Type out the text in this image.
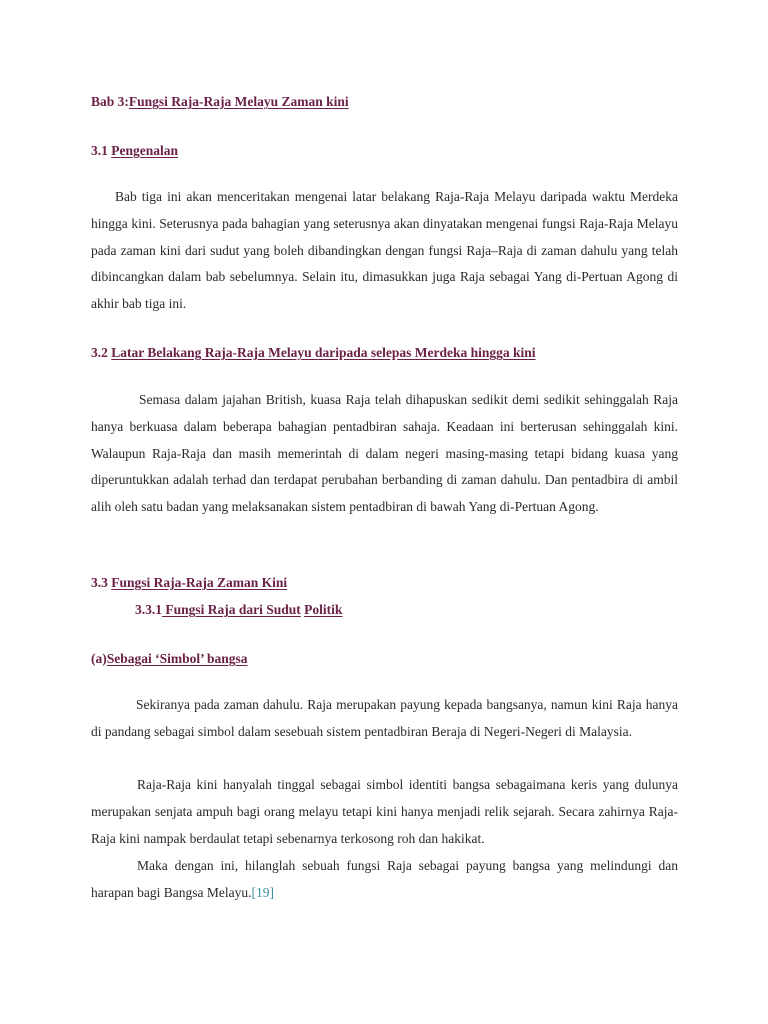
Bab 3:Fungsi Raja-Raja Melayu Zaman kini
3.1 Pengenalan

Bab tiga ini akan menceritakan mengenai latar belakang Raja-Raja Melayu daripada waktu Merdeka hingga kini. Seterusnya pada bahagian yang seterusnya akan dinyatakan mengenai fungsi Raja-Raja Melayu pada zaman kini dari sudut yang boleh dibandingkan dengan fungsi Raja–Raja di zaman dahulu yang telah dibincangkan dalam bab sebelumnya. Selain itu, dimasukkan juga Raja sebagai Yang di-Pertuan Agong di akhir bab tiga ini.

3.2 Latar Belakang Raja-Raja Melayu daripada selepas Merdeka hingga kini

Semasa dalam jajahan British, kuasa Raja telah dihapuskan sedikit demi sedikit sehinggalah Raja hanya berkuasa dalam beberapa bahagian pentadbiran sahaja. Keadaan ini berterusan sehinggalah kini. Walaupun Raja-Raja dan masih memerintah di dalam negeri masing-masing tetapi bidang kuasa yang diperuntukkan adalah terhad dan terdapat perubahan berbanding di zaman dahulu. Dan pentadbira di ambil alih oleh satu badan yang melaksanakan sistem pentadbiran di bawah Yang di-Pertuan Agong.

3.3 Fungsi Raja-Raja Zaman Kini
3.3.1 Fungsi Raja dari Sudut Politik
(a)Sebagai ‘Simbol’ bangsa

Sekiranya pada zaman dahulu. Raja merupakan payung kepada bangsanya, namun kini Raja hanya di pandang sebagai simbol dalam sesebuah sistem pentadbiran Beraja di Negeri-Negeri di Malaysia.

Raja-Raja kini hanyalah tinggal sebagai simbol identiti bangsa sebagaimana keris yang dulunya merupakan senjata ampuh bagi orang melayu tetapi kini hanya menjadi relik sejarah. Secara zahirnya Raja-Raja kini nampak berdaulat tetapi sebenarnya terkosong roh dan hakikat.

Maka dengan ini, hilanglah sebuah fungsi Raja sebagai payung bangsa yang melindungi dan harapan bagi Bangsa Melayu.[19]
